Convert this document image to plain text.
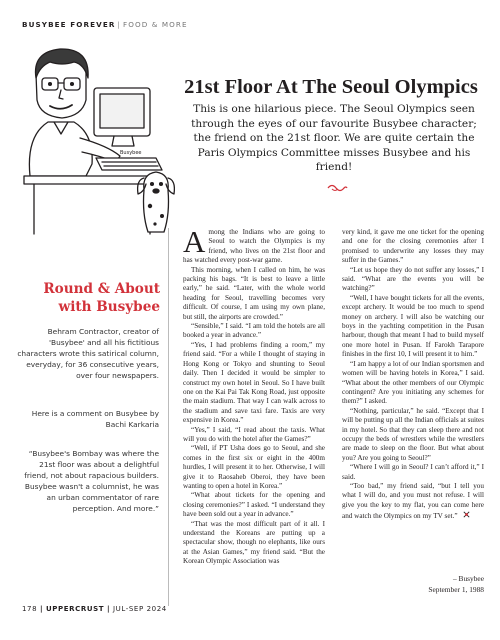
BUSYBEE FOREVER | FOOD & MORE
Busybee
21st Floor At The Seoul Olympics

This is one hilarious piece. The Seoul Olympics seen through the eyes of our favourite Busybee character; the friend on the 21st floor. We are quite certain the Paris Olympics Committee misses Busybee and his friend!

Round & About with Busybee

Behram Contractor, creator of 'Busybee' and all his fictitious characters wrote this satirical column, everyday, for 36 consecutive years, over four newspapers.

Here is a comment on Busybee by Bachi Karkaria

“Busybee's Bombay was where the 21st floor was about a delightful friend, not about rapacious builders. Busybee wasn't a columnist, he was an urban commentator of rare perception. And more.”

Among the Indians who are going to Seoul to watch the Olympics is my friend, who lives on the 21st floor and has watched every post-war game.

This morning, when I called on him, he was packing his bags. “It is best to leave a little early,” he said. “Later, with the whole world heading for Seoul, travelling becomes very difficult. Of course, I am using my own plane, but still, the airports are crowded.”

“Sensible,” I said. “I am told the hotels are all booked a year in advance.”

“Yes, I had problems finding a room,” my friend said. “For a while I thought of staying in Hong Kong or Tokyo and shunting to Seoul daily. Then I decided it would be simpler to construct my own hotel in Seoul. So I have built one on the Kai Pai Tak Kong Road, just opposite the main stadium. That way I can walk across to the stadium and save taxi fare. Taxis are very expensive in Korea.”

“Yes,” I said, “I read about the taxis. What will you do with the hotel after the Games?”

“Well, if PT Usha does go to Seoul, and she comes in the first six or eight in the 400m hurdles, I will present it to her. Otherwise, I will give it to Raosaheb Oberoi, they have been wanting to open a hotel in Korea.”

“What about tickets for the opening and closing ceremonies?” I asked. “I understand they have been sold out a year in advance.”

“That was the most difficult part of it all. I understand the Koreans are putting up a spectacular show, though no elephants, like ours at the Asian Games,” my friend said. “But the Korean Olympic Association was

very kind, it gave me one ticket for the opening and one for the closing ceremonies after I promised to underwrite any losses they may suffer in the Games.”

“Let us hope they do not suffer any losses,” I said. “What are the events you will be watching?”

“Well, I have bought tickets for all the events, except archery. It would be too much to spend money on archery. I will also be watching our boys in the yachting competition in the Pusan harbour, though that meant I had to build myself one more hotel in Pusan. If Farokh Tarapore finishes in the first 10, I will present it to him.”

“I am happy a lot of our Indian sportsmen and women will be having hotels in Korea,” I said. “What about the other members of our Olympic contingent? Are you initiating any schemes for them?” I asked.

“Nothing, particular,” he said. “Except that I will be putting up all the Indian officials at suites in my hotel. So that they can sleep there and not occupy the beds of wrestlers while the wrestlers are made to sleep on the floor. But what about you? Are you going to Seoul?”

“Where I will go in Seoul? I can’t afford it,” I said.

“Too bad,” my friend said, “but I tell you what I will do, and you must not refuse. I will give you the key to my flat, you can come here and watch the Olympics on my TV set.”

– Busybee

September 1, 1988

178 | UPPERCRUST | JUL-SEP 2024
